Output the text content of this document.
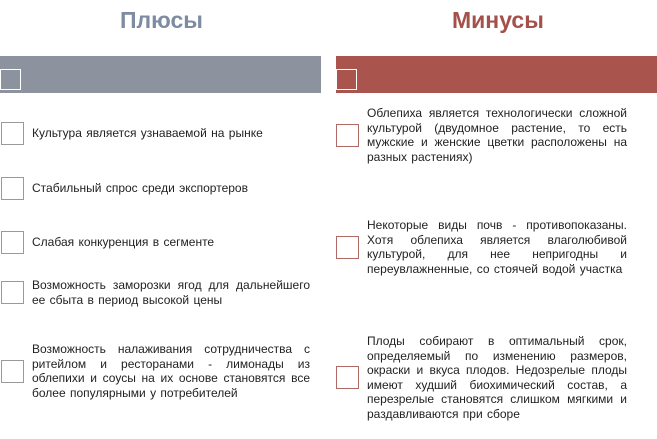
Плюсы	Минусы
Культура является узнаваемой на рынке
Стабильный спрос среди экспортеров
Слабая конкуренция в сегменте
Возможность заморозки ягод для дальнейшего ее сбыта в период высокой цены
Возможность налаживания сотрудничества с ритейлом и ресторанами - лимонады из облепихи и соусы на их основе становятся все более популярными у потребителей
Облепиха является технологически сложной культурой (двудомное растение, то есть мужские и женские цветки расположены на разных растениях)
Некоторые виды почв - противопоказаны. Хотя облепиха является влаголюбивой культурой, для нее непригодны и переувлажненные, со стоячей водой участка
Плоды собирают в оптимальный срок, определяемый по изменению размеров, окраски и вкуса плодов. Недозрелые плоды имеют худший биохимический состав, а перезрелые становятся слишком мягкими и раздавливаются при сборе
